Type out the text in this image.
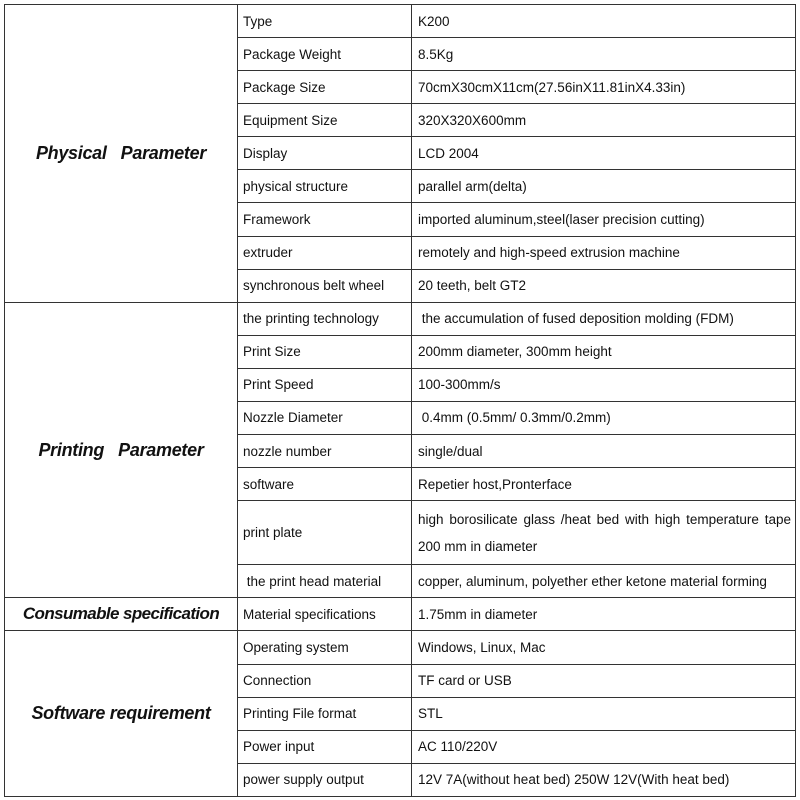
Physical   Parameter	Type	K200
	Package Weight	8.5Kg
	Package Size	70cmX30cmX11cm(27.56inX11.81inX4.33in)
	Equipment Size	320X320X600mm
	Display	LCD 2004
	physical structure	parallel arm(delta)
	Framework	imported aluminum,steel(laser precision cutting)
	extruder	remotely and high-speed extrusion machine
	synchronous belt wheel	20 teeth, belt GT2
Printing   Parameter	the printing technology	the accumulation of fused deposition molding (FDM)
	Print Size	200mm diameter, 300mm height
	Print Speed	100-300mm/s
	Nozzle Diameter	0.4mm (0.5mm/ 0.3mm/0.2mm)
	nozzle number	single/dual
	software	Repetier host,Pronterface
	print plate	high borosilicate glass /heat bed with high temperature tape 200 mm in diameter
	the print head material	copper, aluminum, polyether ether ketone material forming
Consumable specification	Material specifications	1.75mm in diameter
Software requirement	Operating system	Windows, Linux, Mac
	Connection	TF card or USB
	Printing File format	STL
	Power input	AC 110/220V
	power supply output	12V 7A(without heat bed) 250W 12V(With heat bed)
